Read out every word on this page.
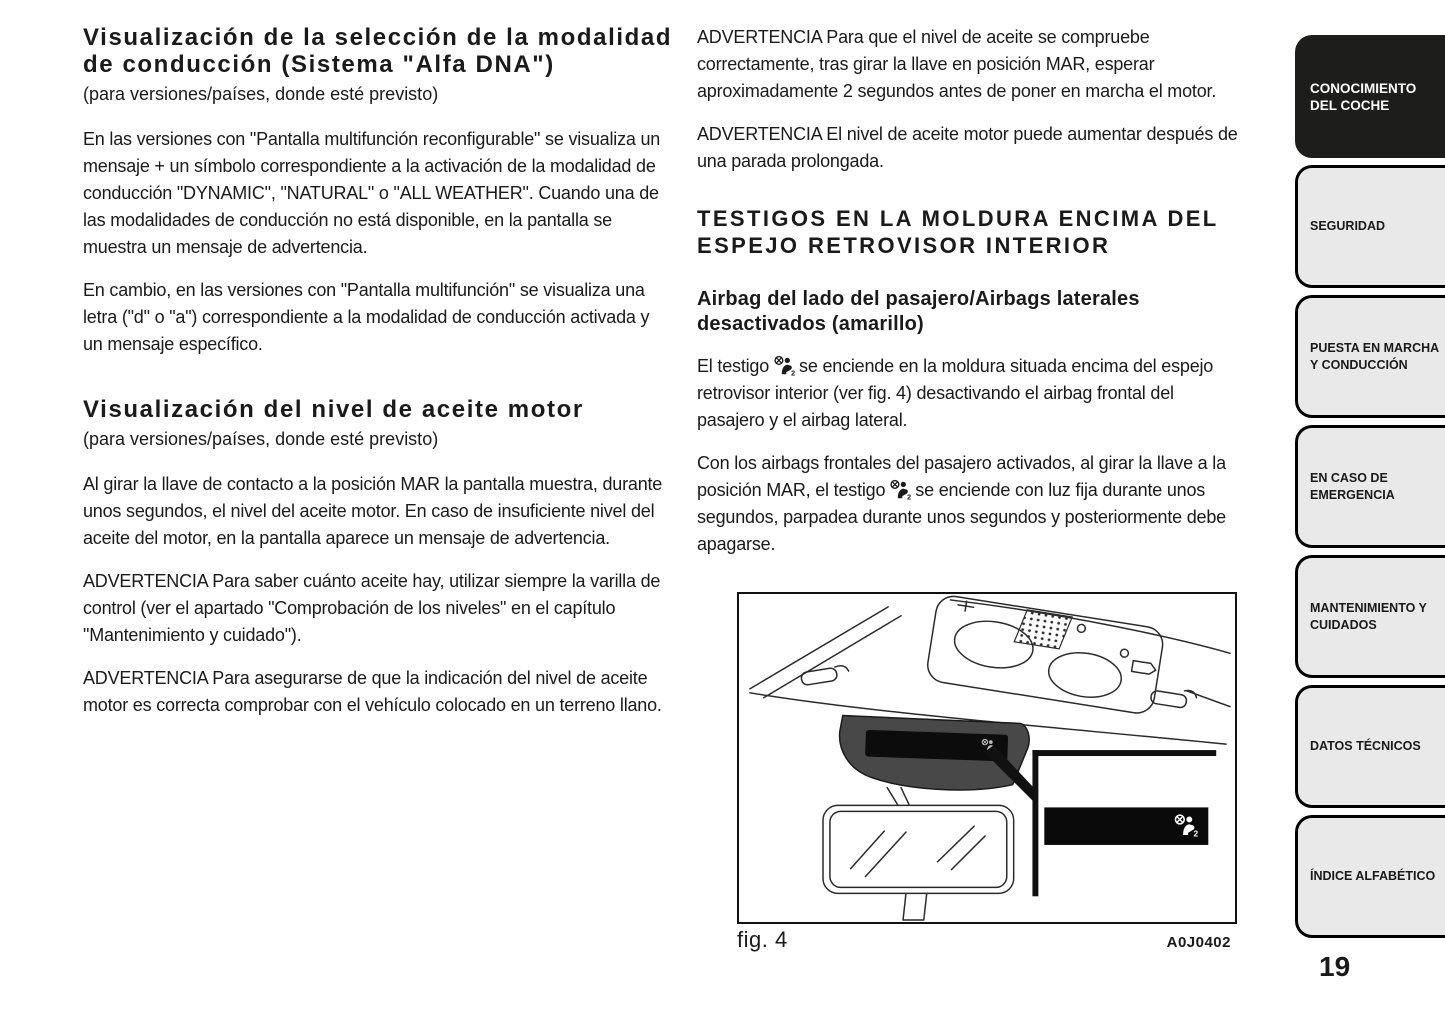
Visualización de la selección de la modalidad de conducción (Sistema "Alfa DNA")

(para versiones/países, donde esté previsto)

En las versiones con "Pantalla multifunción reconfigurable" se visualiza un mensaje + un símbolo correspondiente a la activación de la modalidad de conducción "DYNAMIC", "NATURAL" o "ALL WEATHER". Cuando una de las modalidades de conducción no está disponible, en la pantalla se muestra un mensaje de advertencia.

En cambio, en las versiones con "Pantalla multifunción" se visualiza una letra ("d" o "a") correspondiente a la modalidad de conducción activada y un mensaje específico.

Visualización del nivel de aceite motor

(para versiones/países, donde esté previsto)

Al girar la llave de contacto a la posición MAR la pantalla muestra, durante unos segundos, el nivel del aceite motor. En caso de insuficiente nivel del aceite del motor, en la pantalla aparece un mensaje de advertencia.

ADVERTENCIA Para saber cuánto aceite hay, utilizar siempre la varilla de control (ver el apartado "Comprobación de los niveles" en el capítulo "Mantenimiento y cuidado").

ADVERTENCIA Para asegurarse de que la indicación del nivel de aceite motor es correcta comprobar con el vehículo colocado en un terreno llano.

ADVERTENCIA Para que el nivel de aceite se compruebe correctamente, tras girar la llave en posición MAR, esperar aproximadamente 2 segundos antes de poner en marcha el motor.

ADVERTENCIA El nivel de aceite motor puede aumentar después de una parada prolongada.

TESTIGOS EN LA MOLDURA ENCIMA DEL ESPEJO RETROVISOR INTERIOR
Airbag del lado del pasajero/Airbags laterales desactivados (amarillo)

El testigo se enciende en la moldura situada encima del espejo retrovisor interior (ver fig. 4) desactivando el airbag frontal del pasajero y el airbag lateral.

Con los airbags frontales del pasajero activados, al girar la llave a la posición MAR, el testigo se enciende con luz fija durante unos segundos, parpadea durante unos segundos y posteriormente debe apagarse.

fig. 4	A0J0402
CONOCIMIENTO DEL COCHE
SEGURIDAD
PUESTA EN MARCHA Y CONDUCCIÓN
EN CASO DE EMERGENCIA
MANTENIMIENTO Y CUIDADOS
DATOS TÉCNICOS
ÍNDICE ALFABÉTICO
19
